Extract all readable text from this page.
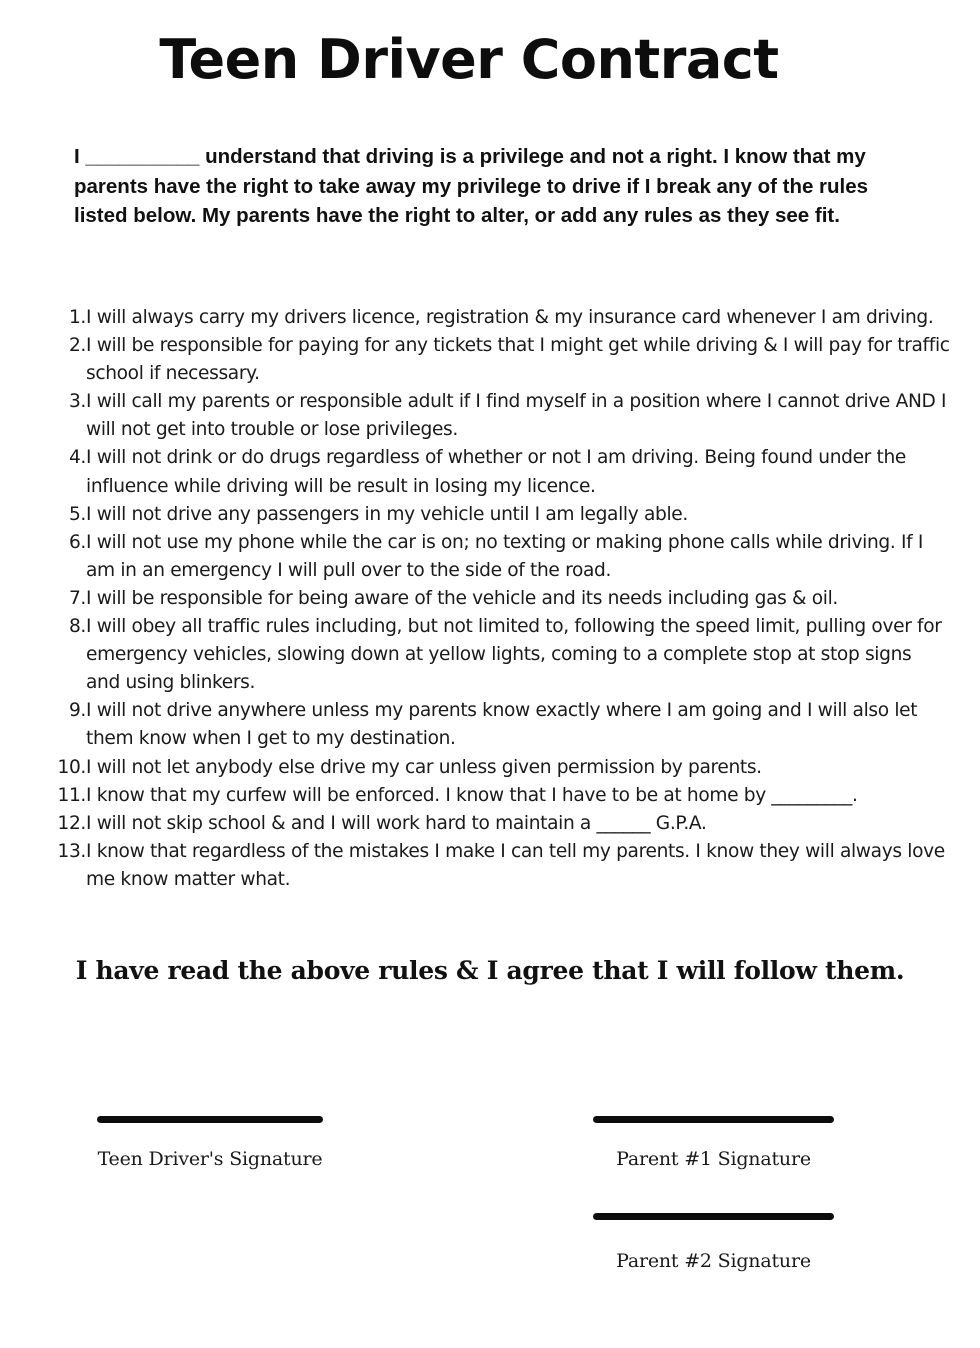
Teen Driver Contract

I __________ understand that driving is a privilege and not a right. I know that my parents have the right to take away my privilege to drive if I break any of the rules listed below. My parents have the right to alter, or add any rules as they see fit.

1. I will always carry my drivers licence, registration & my insurance card whenever I am driving.
2. I will be responsible for paying for any tickets that I might get while driving & I will pay for traffic school if necessary.
3. I will call my parents or responsible adult if I find myself in a position where I cannot drive AND I will not get into trouble or lose privileges.
4. I will not drink or do drugs regardless of whether or not I am driving. Being found under the influence while driving will be result in losing my licence.
5. I will not drive any passengers in my vehicle until I am legally able.
6. I will not use my phone while the car is on; no texting or making phone calls while driving. If I am in an emergency I will pull over to the side of the road.
7. I will be responsible for being aware of the vehicle and its needs including gas & oil.
8. I will obey all traffic rules including, but not limited to, following the speed limit, pulling over for emergency vehicles, slowing down at yellow lights, coming to a complete stop at stop signs and using blinkers.
9. I will not drive anywhere unless my parents know exactly where I am going and I will also let them know when I get to my destination.
10. I will not let anybody else drive my car unless given permission by parents.
11. I know that my curfew will be enforced. I know that I have to be at home by _________.
12. I will not skip school & and I will work hard to maintain a ______ G.P.A.
13. I know that regardless of the mistakes I make I can tell my parents. I know they will always love me know matter what.

I have read the above rules & I agree that I will follow them.

Teen Driver's Signature	Parent #1 Signature
Parent #2 Signature
